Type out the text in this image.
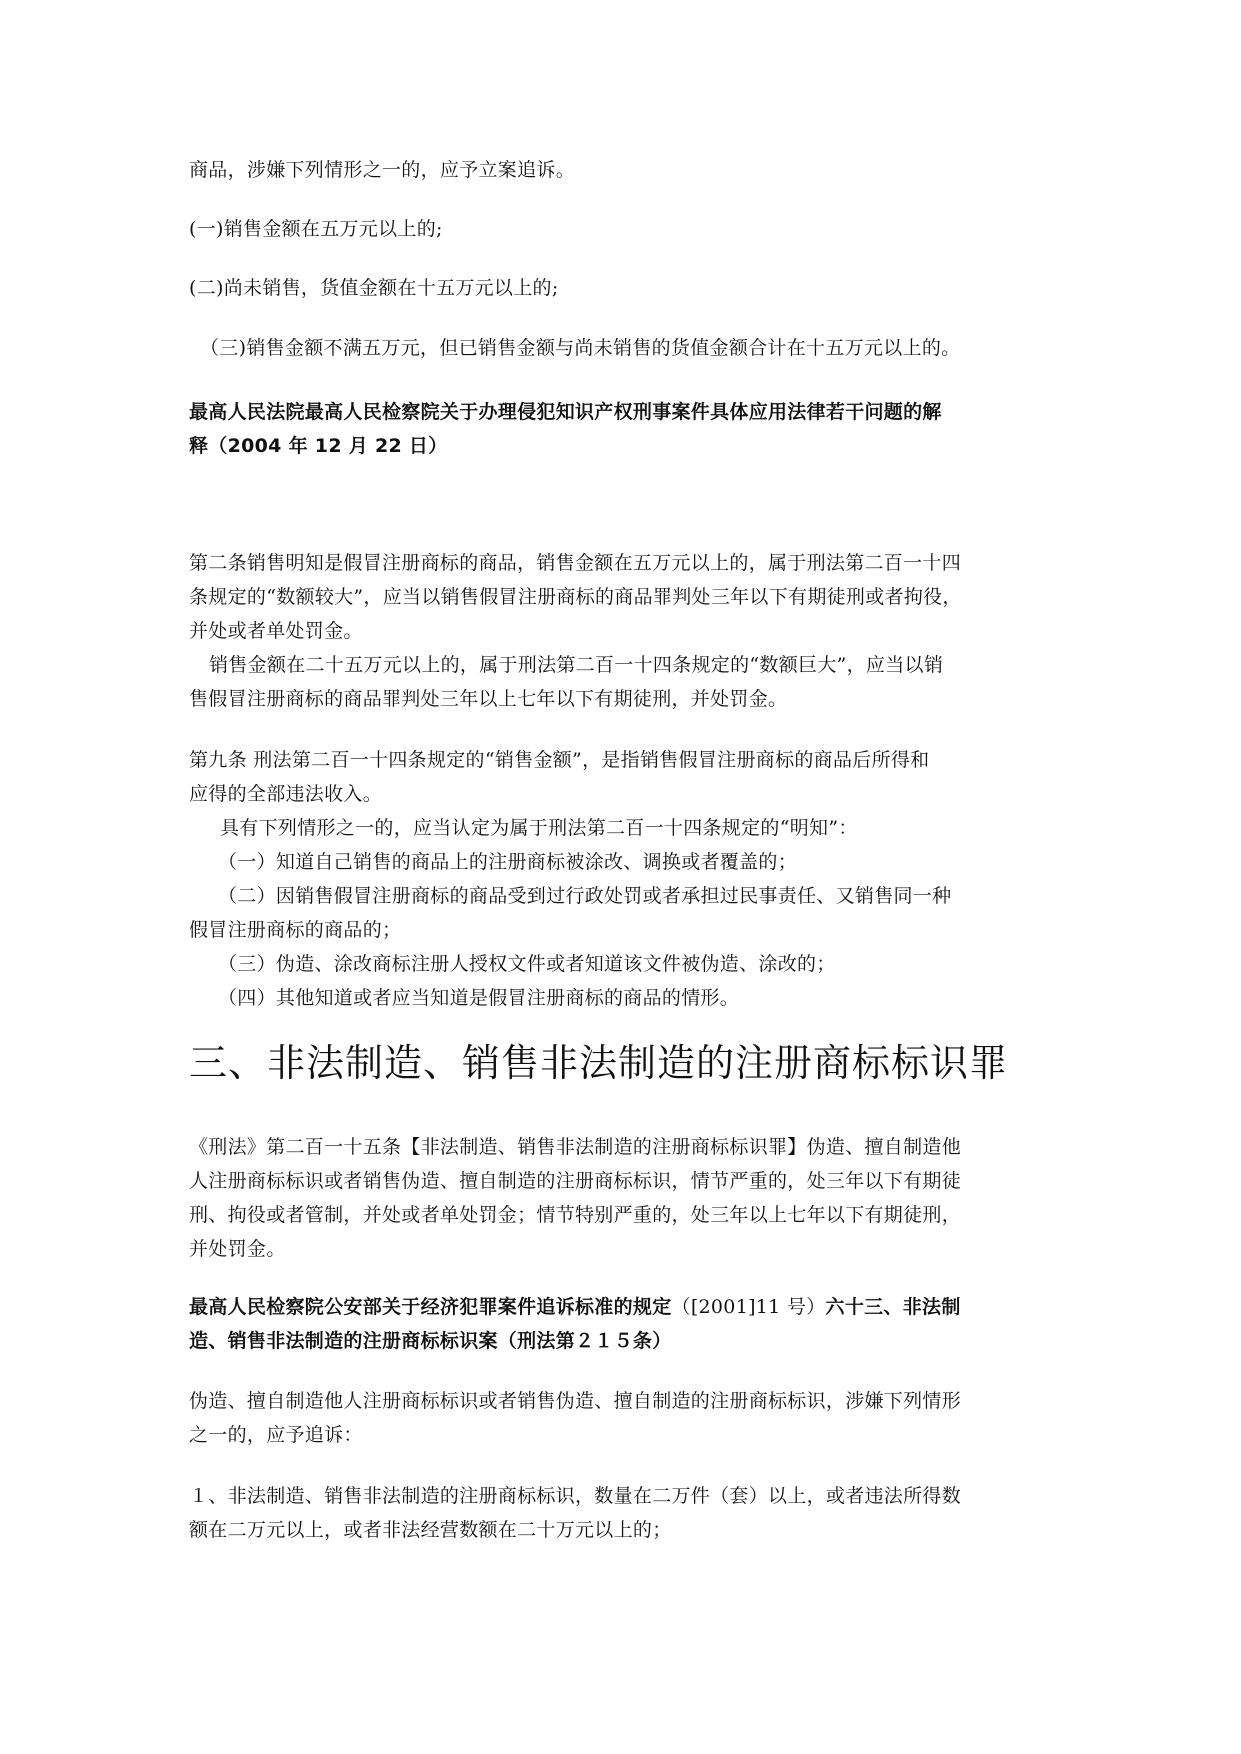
商品，涉嫌下列情形之一的，应予立案追诉。
(一)销售金额在五万元以上的;
(二)尚未销售，货值金额在十五万元以上的;
（三)销售金额不满五万元，但已销售金额与尚未销售的货值金额合计在十五万元以上的。
最高人民法院最高人民检察院关于办理侵犯知识产权刑事案件具体应用法律若干问题的解
释（2004 年 12 月 22 日）
第二条销售明知是假冒注册商标的商品，销售金额在五万元以上的，属于刑法第二百一十四
条规定的“数额较大”，应当以销售假冒注册商标的商品罪判处三年以下有期徒刑或者拘役，
并处或者单处罚金。
销售金额在二十五万元以上的，属于刑法第二百一十四条规定的“数额巨大”，应当以销
售假冒注册商标的商品罪判处三年以上七年以下有期徒刑，并处罚金。
第九条 刑法第二百一十四条规定的“销售金额”，是指销售假冒注册商标的商品后所得和
应得的全部违法收入。
具有下列情形之一的，应当认定为属于刑法第二百一十四条规定的“明知”：
（一）知道自己销售的商品上的注册商标被涂改、调换或者覆盖的；
（二）因销售假冒注册商标的商品受到过行政处罚或者承担过民事责任、又销售同一种
假冒注册商标的商品的；
（三）伪造、涂改商标注册人授权文件或者知道该文件被伪造、涂改的；
（四）其他知道或者应当知道是假冒注册商标的商品的情形。
三、非法制造、销售非法制造的注册商标标识罪
《刑法》第二百一十五条【非法制造、销售非法制造的注册商标标识罪】伪造、擅自制造他
人注册商标标识或者销售伪造、擅自制造的注册商标标识，情节严重的，处三年以下有期徒
刑、拘役或者管制，并处或者单处罚金；情节特别严重的，处三年以上七年以下有期徒刑，
并处罚金。
最高人民检察院公安部关于经济犯罪案件追诉标准的规定（[2001]11 号）六十三、非法制
造、销售非法制造的注册商标标识案（刑法第２１５条）
伪造、擅自制造他人注册商标标识或者销售伪造、擅自制造的注册商标标识，涉嫌下列情形
之一的，应予追诉：
１、非法制造、销售非法制造的注册商标标识，数量在二万件（套）以上，或者违法所得数
额在二万元以上，或者非法经营数额在二十万元以上的；
